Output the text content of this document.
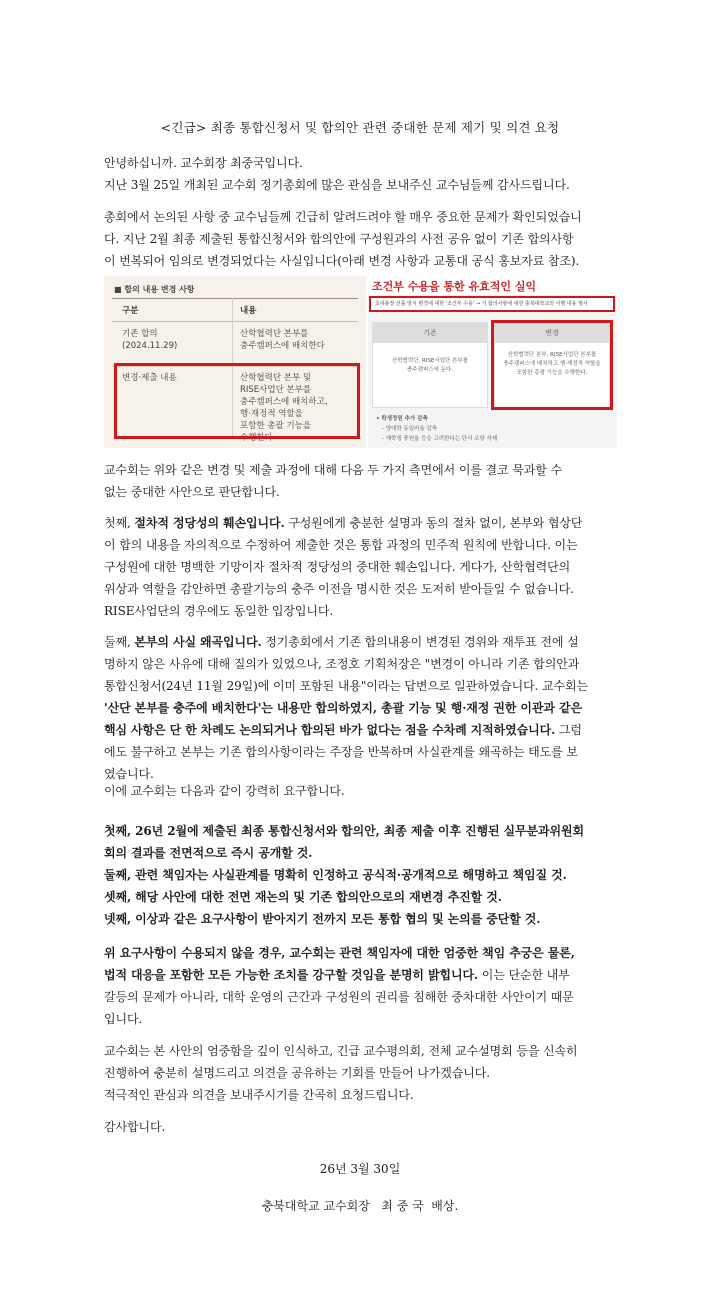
<긴급> 최종 통합신청서 및 합의안 관련 중대한 문제 제기 및 의견 요청
안녕하십니까. 교수회장 최중국입니다.
지난 3월 25일 개최된 교수회 정기총회에 많은 관심을 보내주신 교수님들께 감사드립니다.
총회에서 논의된 사항 중 교수님들께 긴급히 알려드려야 할 매우 중요한 문제가 확인되었습니
다. 지난 2월 최종 제출된 통합신청서와 합의안에 구성원과의 사전 공유 없이 기존 합의사항
이 번복되어 임의로 변경되었다는 사실입니다(아래 변경 사항과 교통대 공식 홍보자료 참조).
■ 합의 내용 변경 사항
구분	내용
기존 합의
(2024.11.29)
산학협력단 본부를
충주캠퍼스에 배치한다
변경·제출 내용	산학협력단 본부 및
RISE사업단 본부를
충주캠퍼스에 배치하고,
행·재정적 역할을
포함한 총괄 기능을
수행한다
조건부 수용을 통한 유효적인 실익
초대총장 선출 방식 변경에 대한 '조건부 수용' → 기 합의사항에 대한 충북대학교의 이행 내용 명시
기존
산학협력단, RISE사업단 본부를
충주캠퍼스에 둔다.
변경
산학협력단 본부, RISE사업단 본부를
충주캠퍼스에 배치하고 행·재정적 역할을
포함한 총괄 기능을 수행한다.
• 학생정원 추가 감축
- 양대학 동일비율 감축
- 재학생 충원율 등을 고려한다는 단서 조항 삭제
교수회는 위와 같은 변경 및 제출 과정에 대해 다음 두 가지 측면에서 이를 결코 묵과할 수
없는 중대한 사안으로 판단합니다.
첫째, 절차적 정당성의 훼손입니다. 구성원에게 충분한 설명과 동의 절차 없이, 본부와 협상단
이 합의 내용을 자의적으로 수정하여 제출한 것은 통합 과정의 민주적 원칙에 반합니다. 이는
구성원에 대한 명백한 기망이자 절차적 정당성의 중대한 훼손입니다. 게다가, 산학협력단의
위상과 역할을 감안하면 총괄기능의 충주 이전을 명시한 것은 도저히 받아들일 수 없습니다.
RISE사업단의 경우에도 동일한 입장입니다.
둘째, 본부의 사실 왜곡입니다. 정기총회에서 기존 합의내용이 변경된 경위와 재투표 전에 설
명하지 않은 사유에 대해 질의가 있었으나, 조정호 기획처장은 "변경이 아니라 기존 합의안과
통합신청서(24년 11월 29일)에 이미 포함된 내용"이라는 답변으로 일관하였습니다. 교수회는
'산단 본부를 충주에 배치한다'는 내용만 합의하였지, 총괄 기능 및 행·재정 권한 이관과 같은
핵심 사항은 단 한 차례도 논의되거나 합의된 바가 없다는 점을 수차례 지적하였습니다. 그럼
에도 불구하고 본부는 기존 합의사항이라는 주장을 반복하며 사실관계를 왜곡하는 태도를 보
였습니다.
이에 교수회는 다음과 같이 강력히 요구합니다.
첫째, 26년 2월에 제출된 최종 통합신청서와 합의안, 최종 제출 이후 진행된 실무분과위원회
회의 결과를 전면적으로 즉시 공개할 것.
둘째, 관련 책임자는 사실관계를 명확히 인정하고 공식적·공개적으로 해명하고 책임질 것.
셋째, 해당 사안에 대한 전면 재논의 및 기존 합의안으로의 재변경 추진할 것.
넷째, 이상과 같은 요구사항이 받아지기 전까지 모든 통합 협의 및 논의를 중단할 것.
위 요구사항이 수용되지 않을 경우, 교수회는 관련 책임자에 대한 엄중한 책임 추궁은 물론,
법적 대응을 포함한 모든 가능한 조치를 강구할 것임을 분명히 밝힙니다. 이는 단순한 내부
갈등의 문제가 아니라, 대학 운영의 근간과 구성원의 권리를 침해한 중차대한 사안이기 때문
입니다.
교수회는 본 사안의 엄중함을 깊이 인식하고, 긴급 교수평의회, 전체 교수설명회 등을 신속히
진행하여 충분히 설명드리고 의견을 공유하는 기회를 만들어 나가겠습니다.
적극적인 관심과 의견을 보내주시기를 간곡히 요청드립니다.
감사합니다.
26년 3월 30일
충북대학교 교수회장   최 중 국  배상.
